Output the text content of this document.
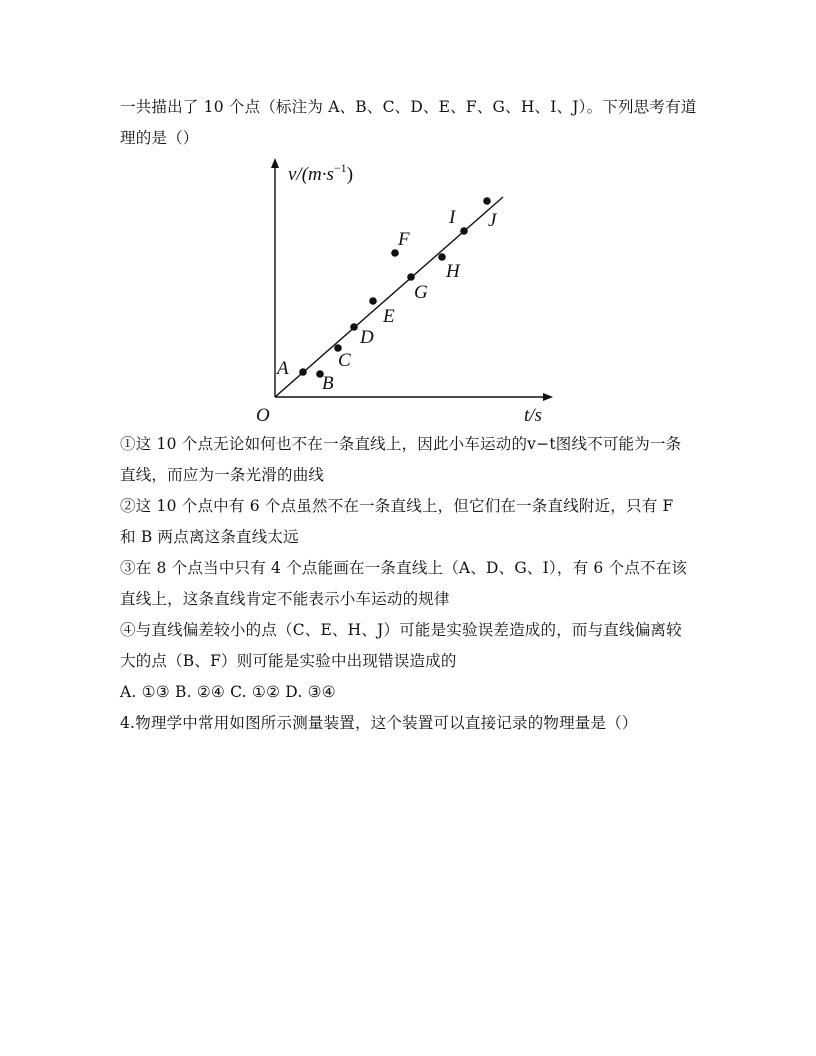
一共描出了 10 个点（标注为 A、B、C、D、E、F、G、H、I、J）。下列思考有道

理的是（）

$v/(m\cdot s^{-1})$
O	t/s
A
B
C
D
E
F
G
H
I J

①这 10 个点无论如何也不在一条直线上，因此小车运动的v−t图线不可能为一条

直线，而应为一条光滑的曲线

②这 10 个点中有 6 个点虽然不在一条直线上，但它们在一条直线附近，只有 F

和 B 两点离这条直线太远

③在 8 个点当中只有 4 个点能画在一条直线上（A、D、G、I），有 6 个点不在该

直线上，这条直线肯定不能表示小车运动的规律

④与直线偏差较小的点（C、E、H、J）可能是实验误差造成的，而与直线偏离较

大的点（B、F）则可能是实验中出现错误造成的

A. ①③ B. ②④ C. ①② D. ③④

4.物理学中常用如图所示测量装置，这个装置可以直接记录的物理量是（）
